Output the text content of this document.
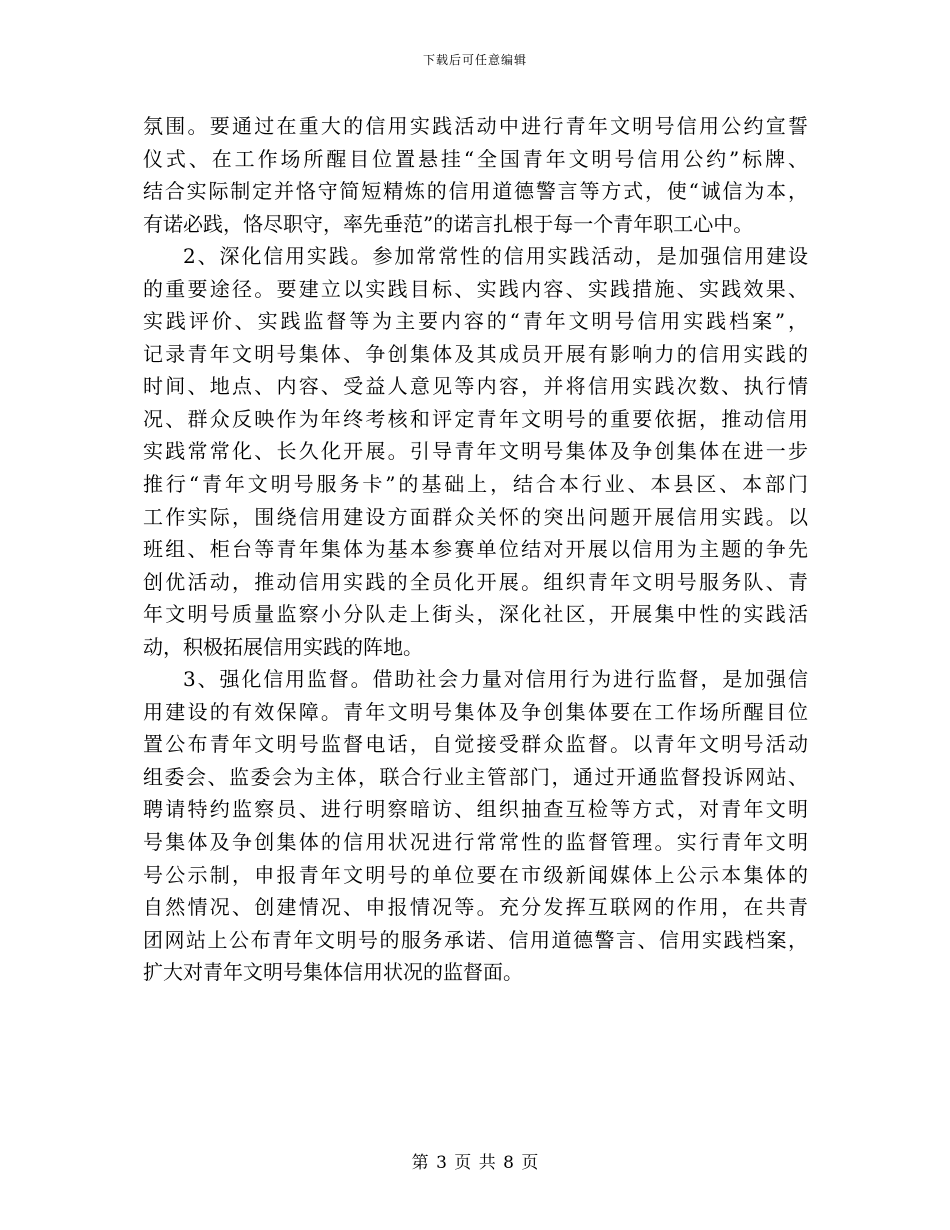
下载后可任意编辑
氛围。要通过在重大的信用实践活动中进行青年文明号信用公约宣誓
仪式、在工作场所醒目位置悬挂“全国青年文明号信用公约”标牌、
结合实际制定并恪守简短精炼的信用道德警言等方式，使“诚信为本，
有诺必践，恪尽职守，率先垂范”的诺言扎根于每一个青年职工心中。
2、深化信用实践。参加常常性的信用实践活动，是加强信用建设
的重要途径。要建立以实践目标、实践内容、实践措施、实践效果、
实践评价、实践监督等为主要内容的“青年文明号信用实践档案”，
记录青年文明号集体、争创集体及其成员开展有影响力的信用实践的
时间、地点、内容、受益人意见等内容，并将信用实践次数、执行情
况、群众反映作为年终考核和评定青年文明号的重要依据，推动信用
实践常常化、长久化开展。引导青年文明号集体及争创集体在进一步
推行“青年文明号服务卡”的基础上，结合本行业、本县区、本部门
工作实际，围绕信用建设方面群众关怀的突出问题开展信用实践。以
班组、柜台等青年集体为基本参赛单位结对开展以信用为主题的争先
创优活动，推动信用实践的全员化开展。组织青年文明号服务队、青
年文明号质量监察小分队走上街头，深化社区，开展集中性的实践活
动，积极拓展信用实践的阵地。
3、强化信用监督。借助社会力量对信用行为进行监督，是加强信
用建设的有效保障。青年文明号集体及争创集体要在工作场所醒目位
置公布青年文明号监督电话，自觉接受群众监督。以青年文明号活动
组委会、监委会为主体，联合行业主管部门，通过开通监督投诉网站、
聘请特约监察员、进行明察暗访、组织抽查互检等方式，对青年文明
号集体及争创集体的信用状况进行常常性的监督管理。实行青年文明
号公示制，申报青年文明号的单位要在市级新闻媒体上公示本集体的
自然情况、创建情况、申报情况等。充分发挥互联网的作用，在共青
团网站上公布青年文明号的服务承诺、信用道德警言、信用实践档案，
扩大对青年文明号集体信用状况的监督面。
第 3 页 共 8 页
